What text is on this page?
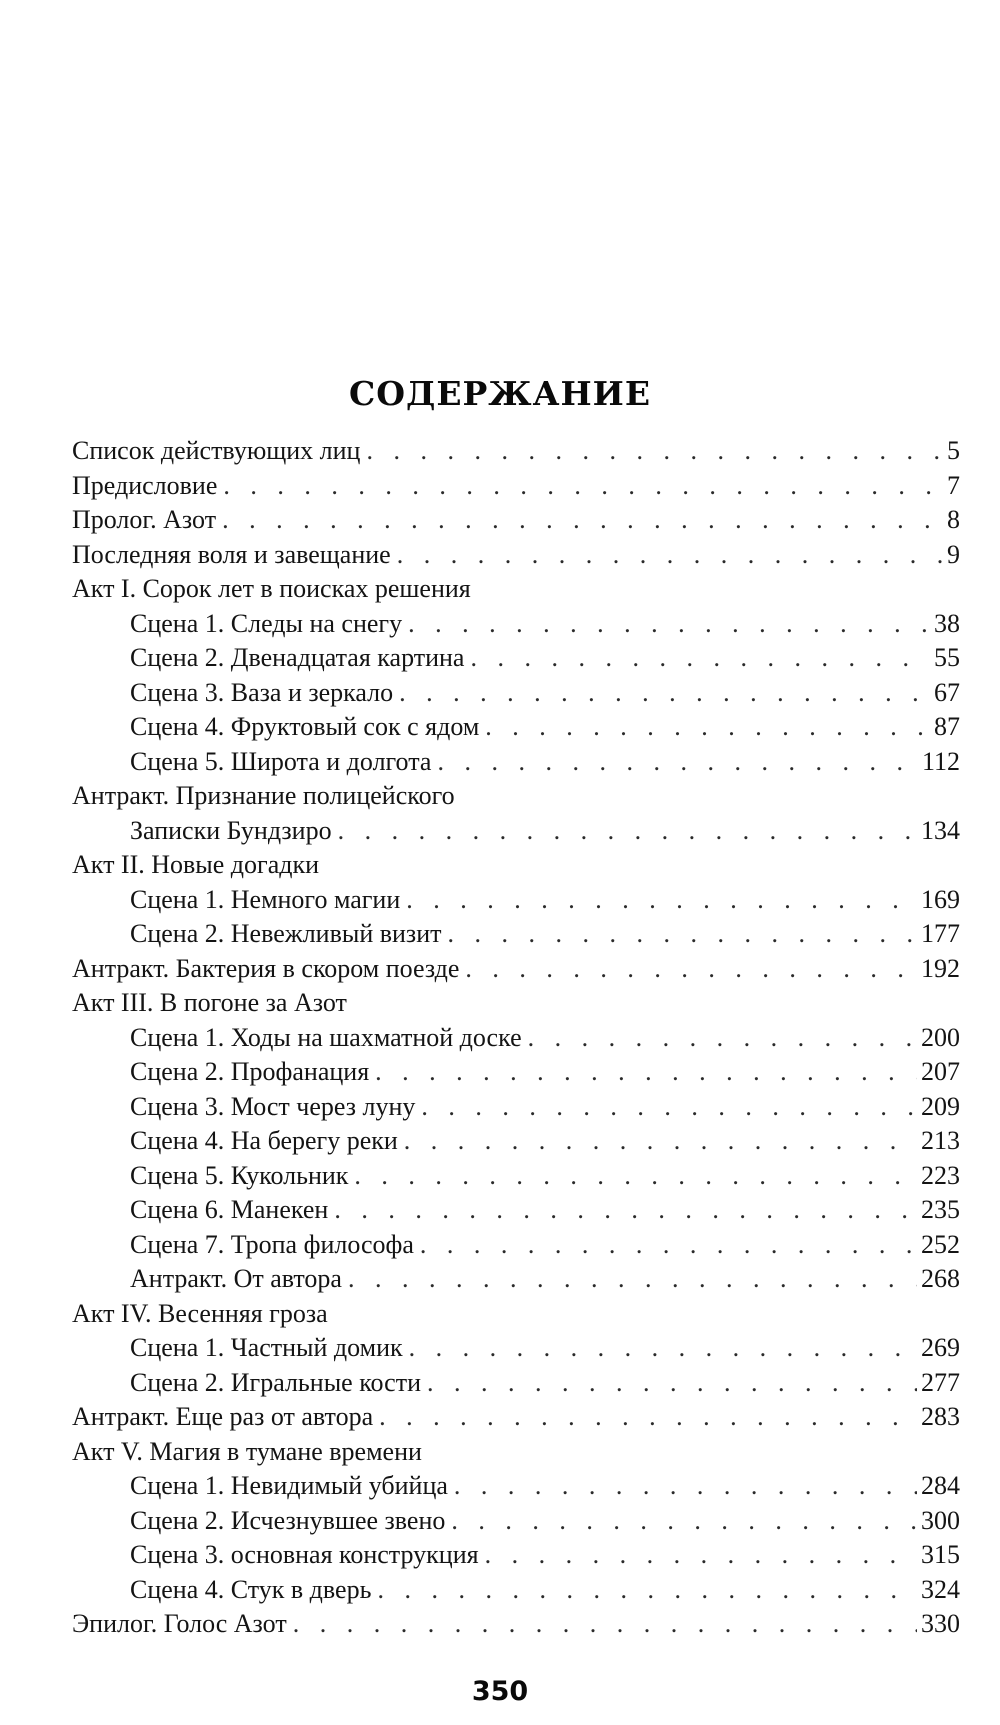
СОДЕРЖАНИЕ
Список действующих лиц . . .	5
Предисловие . . .	7
Пролог. Азот . . .	8
Последняя воля и завещание . . .	9
Акт I. Сорок лет в поисках решения
Сцена 1. Следы на снегу . . .	38
Сцена 2. Двенадцатая картина . . .	55
Сцена 3. Ваза и зеркало . . .	67
Сцена 4. Фруктовый сок с ядом . . .	87
Сцена 5. Широта и долгота . . .	112
Антракт. Признание полицейского
Записки Бундзиро . . .	134
Акт II. Новые догадки
Сцена 1. Немного магии . . .	169
Сцена 2. Невежливый визит . . .	177
Антракт. Бактерия в скором поезде . . .	192
Акт III. В погоне за Азот
Сцена 1. Ходы на шахматной доске . . .	200
Сцена 2. Профанация . . .	207
Сцена 3. Мост через луну . . .	209
Сцена 4. На берегу реки . . .	213
Сцена 5. Кукольник . . .	223
Сцена 6. Манекен . . .	235
Сцена 7. Тропа философа . . .	252
Антракт. От автора . . .	268
Акт IV. Весенняя гроза
Сцена 1. Частный домик . . .	269
Сцена 2. Игральные кости . . .	277
Антракт. Еще раз от автора . . .	283
Акт V. Магия в тумане времени
Сцена 1. Невидимый убийца . . .	284
Сцена 2. Исчезнувшее звено . . .	300
Сцена 3. основная конструкция . . .	315
Сцена 4. Стук в дверь . . .	324
Эпилог. Голос Азот . . .	330
350
